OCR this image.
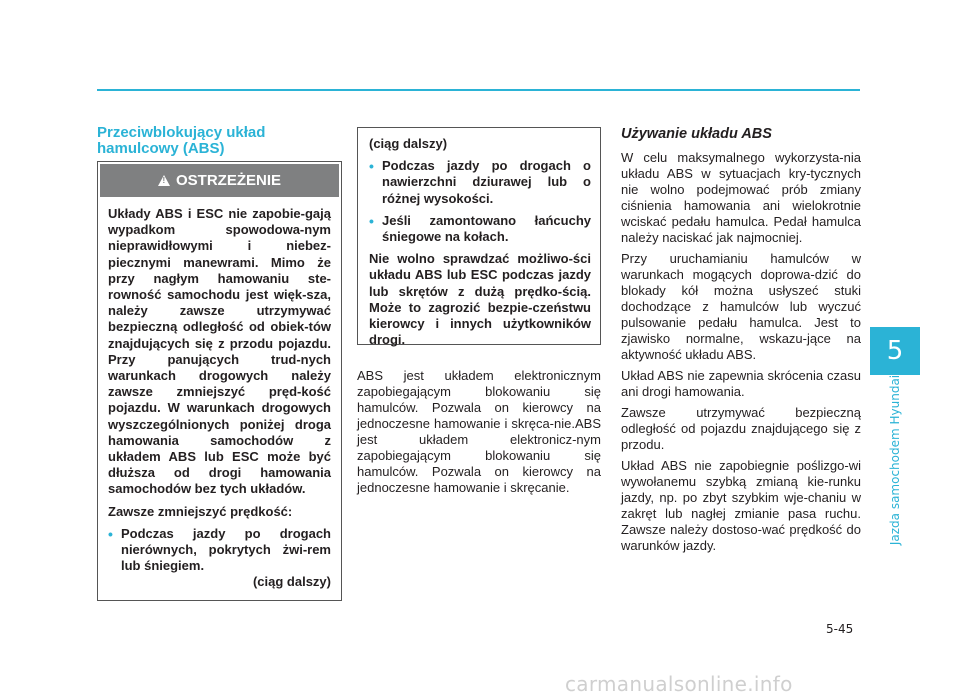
5
Jazda samochodem Hyundai
Przeciwblokujący układ hamulcowy (ABS)
!
OSTRZEŻENIE
Układy ABS i ESC nie zapobie-gają wypadkom spowodowa-nym nieprawidłowymi i niebez-piecznymi manewrami. Mimo że przy nagłym hamowaniu ste-rowność samochodu jest więk-sza, należy zawsze utrzymywać bezpieczną odległość od obiek-tów znajdujących się z przodu pojazdu. Przy panujących trud-nych warunkach drogowych należy zawsze zmniejszyć pręd-kość pojazdu. W warunkach drogowych wyszczególnionych poniżej droga hamowania samochodów z układem ABS lub ESC może być dłuższa od drogi hamowania samochodów bez tych układów.
Zawsze zmniejszyć prędkość:
• Podczas jazdy po drogach nierównych, pokrytych żwi-rem lub śniegiem.
(ciąg dalszy)
(ciąg dalszy)
• Podczas jazdy po drogach o nawierzchni dziurawej lub o różnej wysokości.
• Jeśli zamontowano łańcuchy śniegowe na kołach.
Nie wolno sprawdzać możliwo-ści układu ABS lub ESC podczas jazdy lub skrętów z dużą prędko-ścią. Może to zagrozić bezpie-czeństwu kierowcy i innych użytkowników drogi.
ABS jest układem elektronicznym zapobiegającym blokowaniu się hamulców. Pozwala on kierowcy na jednoczesne hamowanie i skręca-nie.ABS jest układem elektronicz-nym zapobiegającym blokowaniu się hamulców. Pozwala on kierowcy na jednoczesne hamowanie i skręcanie.
Używanie układu ABS
W celu maksymalnego wykorzysta-nia układu ABS w sytuacjach kry-tycznych nie wolno podejmować prób zmiany ciśnienia hamowania ani wielokrotnie wciskać pedału hamulca. Pedał hamulca należy naciskać jak najmocniej.
Przy uruchamianiu hamulców w warunkach mogących doprowa-dzić do blokady kół można usłyszeć stuki dochodzące z hamulców lub wyczuć pulsowanie pedału hamulca. Jest to zjawisko normalne, wskazu-jące na aktywność układu ABS.
Układ ABS nie zapewnia skrócenia czasu ani drogi hamowania.
Zawsze utrzymywać bezpieczną odległość od pojazdu znajdującego się z przodu.
Układ ABS nie zapobiegnie poślizgo-wi wywołanemu szybką zmianą kie-runku jazdy, np. po zbyt szybkim wje-chaniu w zakręt lub nagłej zmianie pasa ruchu. Zawsze należy dostoso-wać prędkość do warunków jazdy.
5-45
carmanualsonline.info
